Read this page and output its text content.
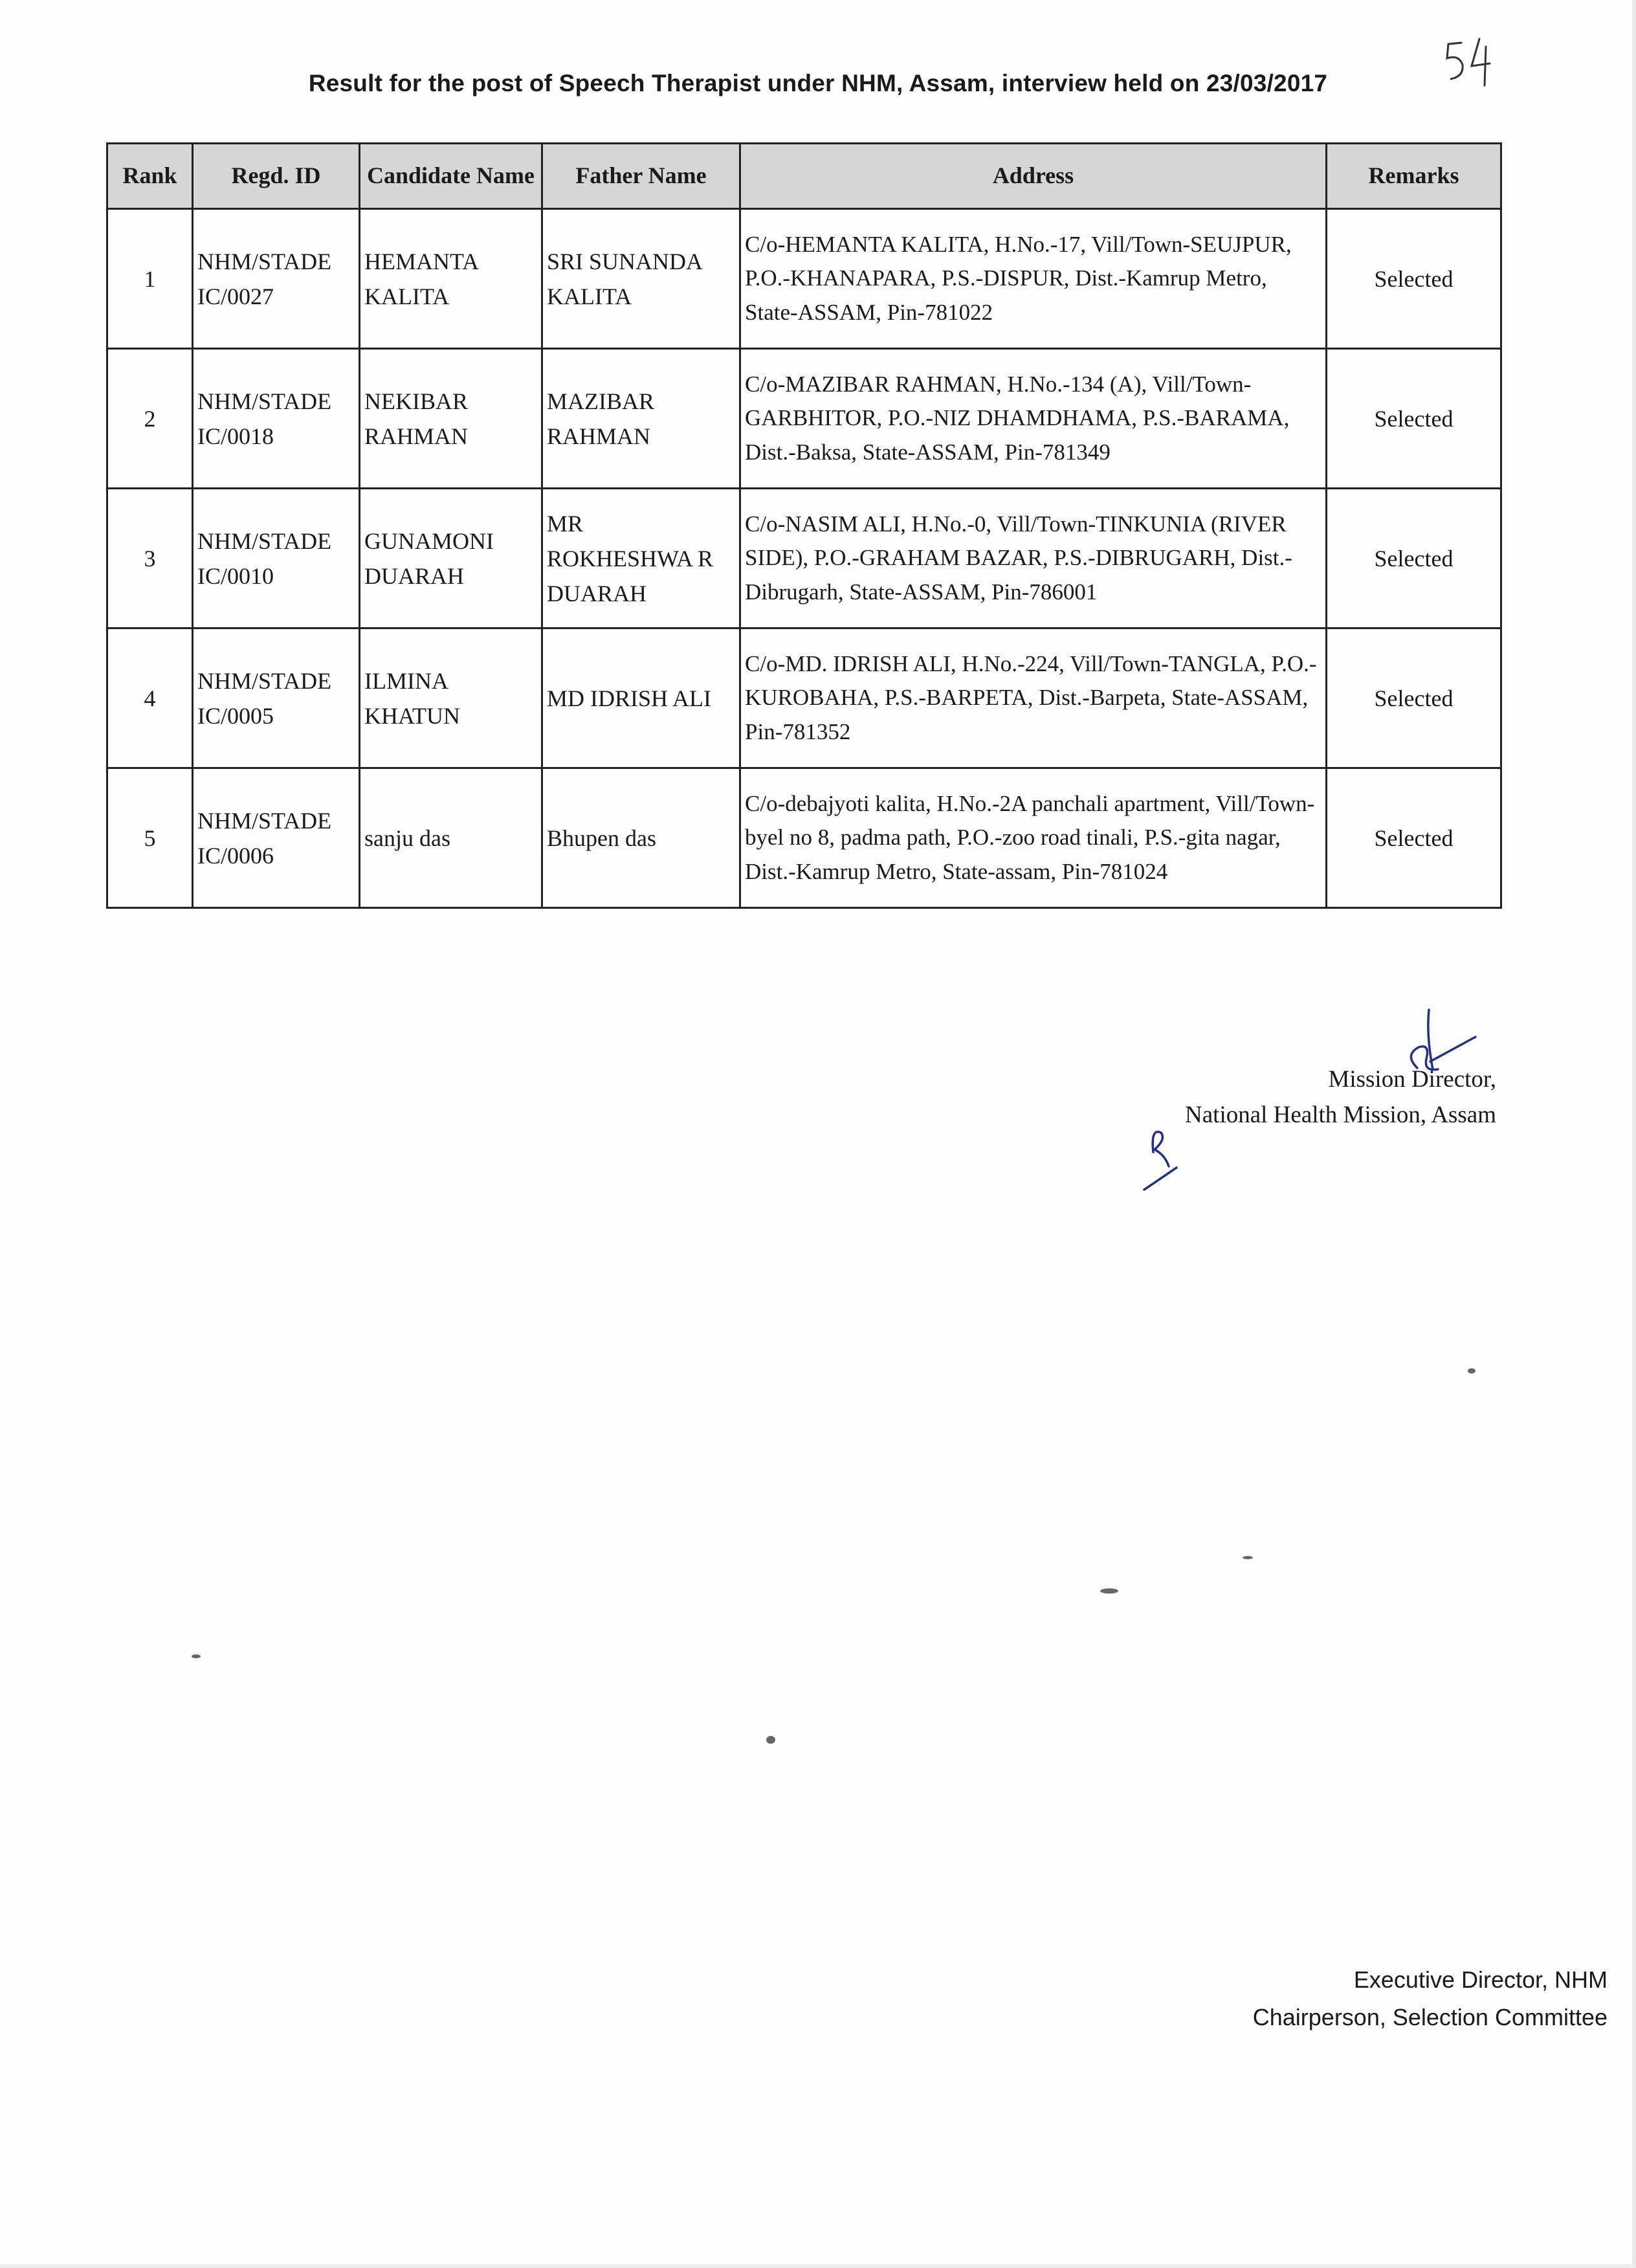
Result for the post of Speech Therapist under NHM, Assam, interview held on 23/03/2017
Rank	Regd. ID	Candidate Name	Father Name	Address	Remarks
1	NHM/STADE IC/0027	HEMANTA KALITA	SRI SUNANDA KALITA	C/o-HEMANTA KALITA, H.No.-17, Vill/Town-SEUJPUR, P.O.-KHANAPARA, P.S.-DISPUR, Dist.-Kamrup Metro, State-ASSAM, Pin-781022	Selected
2	NHM/STADE IC/0018	NEKIBAR RAHMAN	MAZIBAR RAHMAN	C/o-MAZIBAR RAHMAN, H.No.-134 (A), Vill/Town-GARBHITOR, P.O.-NIZ DHAMDHAMA, P.S.-BARAMA, Dist.-Baksa, State-ASSAM, Pin-781349	Selected
3	NHM/STADE IC/0010	GUNAMONI DUARAH	MR ROKHESHWA R DUARAH	C/o-NASIM ALI, H.No.-0, Vill/Town-TINKUNIA (RIVER SIDE), P.O.-GRAHAM BAZAR, P.S.-DIBRUGARH, Dist.-Dibrugarh, State-ASSAM, Pin-786001	Selected
4	NHM/STADE IC/0005	ILMINA KHATUN	MD IDRISH ALI	C/o-MD. IDRISH ALI, H.No.-224, Vill/Town-TANGLA, P.O.-KUROBAHA, P.S.-BARPETA, Dist.-Barpeta, State-ASSAM, Pin-781352	Selected
5	NHM/STADE IC/0006	sanju das	Bhupen das	C/o-debajyoti kalita, H.No.-2A panchali apartment, Vill/Town-byel no 8, padma path, P.O.-zoo road tinali, P.S.-gita nagar, Dist.-Kamrup Metro, State-assam, Pin-781024	Selected
Mission Director,
National Health Mission, Assam
Executive Director, NHM
Chairperson, Selection Committee
